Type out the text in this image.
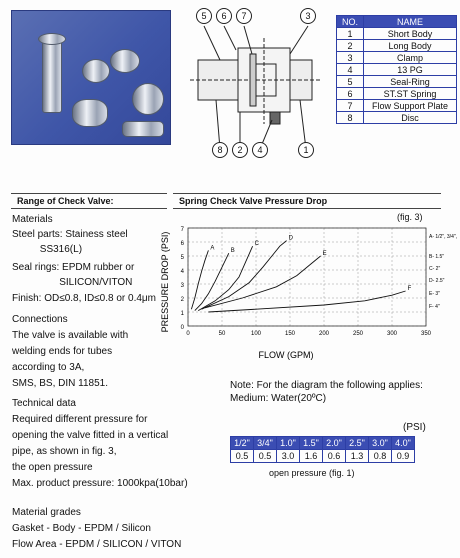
5	6	7	3
8	2	4	1
NO.	NAME
1	Short Body
2	Long Body
3	Clamp
4	13 PG
5	Seal-Ring
6	ST.ST Spring
7	Flow Support Plate
8	Disc
Range of Check Valve:	Spring Check Valve Pressure Drop
Materials
Steel parts: Stainess steel
SS316(L)
Seal rings: EPDM rubber or
SILICON/VITON
Finish: OD≤0.8, ID≤0.8 or 0.4μm
Connections
The valve is available with
welding ends for tubes
according to 3A,
SMS, BS, DIN 11851.
Technical data
Required different pressure for
opening the valve fitted in a vertical
pipe, as shown in fig. 3,
the open pressure
Max. product pressure: 1000kpa(10bar)
Material grades
Gasket - Body - EPDM / Silicon
Flow Area - EPDM / SILICON / VITON
(fig. 3)
PRESSURE DROP (PSI)
FLOW (GPM)
0
1
2
3
4
5
6
7
0	50	100	150	200	250	300	350
A	B
C
D
E
F
A- 1/2", 3/4",
B- 1.5"
C- 2"
D- 2.5"
E- 3"
F- 4"
Note: For the diagram the following applies:
Medium: Water(20ºC)
(PSI)
1/2"	3/4"	1.0"	1.5"	2.0"	2.5"	3.0"	4.0"
0.5	0.5	3.0	1.6	0.6	1.3	0.8	0.9
open pressure (fig. 1)
